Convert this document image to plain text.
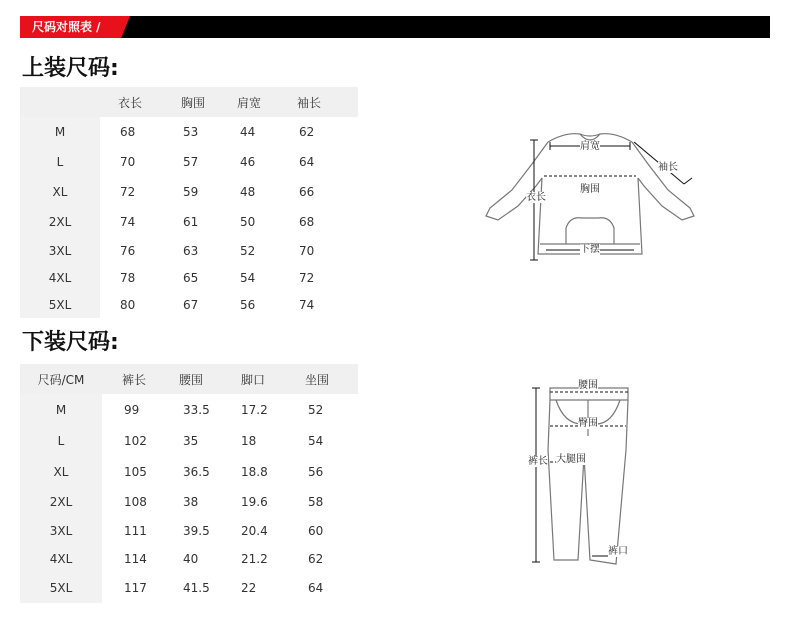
尺码对照表 /
上装尺码:
	衣长	胸围	肩宽	袖长
M	68	53	44	62
L	70	57	46	64
XL	72	59	48	66
2XL	74	61	50	68
3XL	76	63	52	70
4XL	78	65	54	72
5XL	80	67	56	74
下装尺码:
尺码/CM	裤长	腰围	脚口	坐围
M	99	33.5	17.2	52
L	102	35	18	54
XL	105	36.5	18.8	56
2XL	108	38	19.6	58
3XL	111	39.5	20.4	60
4XL	114	40	21.2	62
5XL	117	41.5	22	64
肩宽
袖长
胸围
衣长
下摆
腰围
臀围
大腿围
裤长
裤口
